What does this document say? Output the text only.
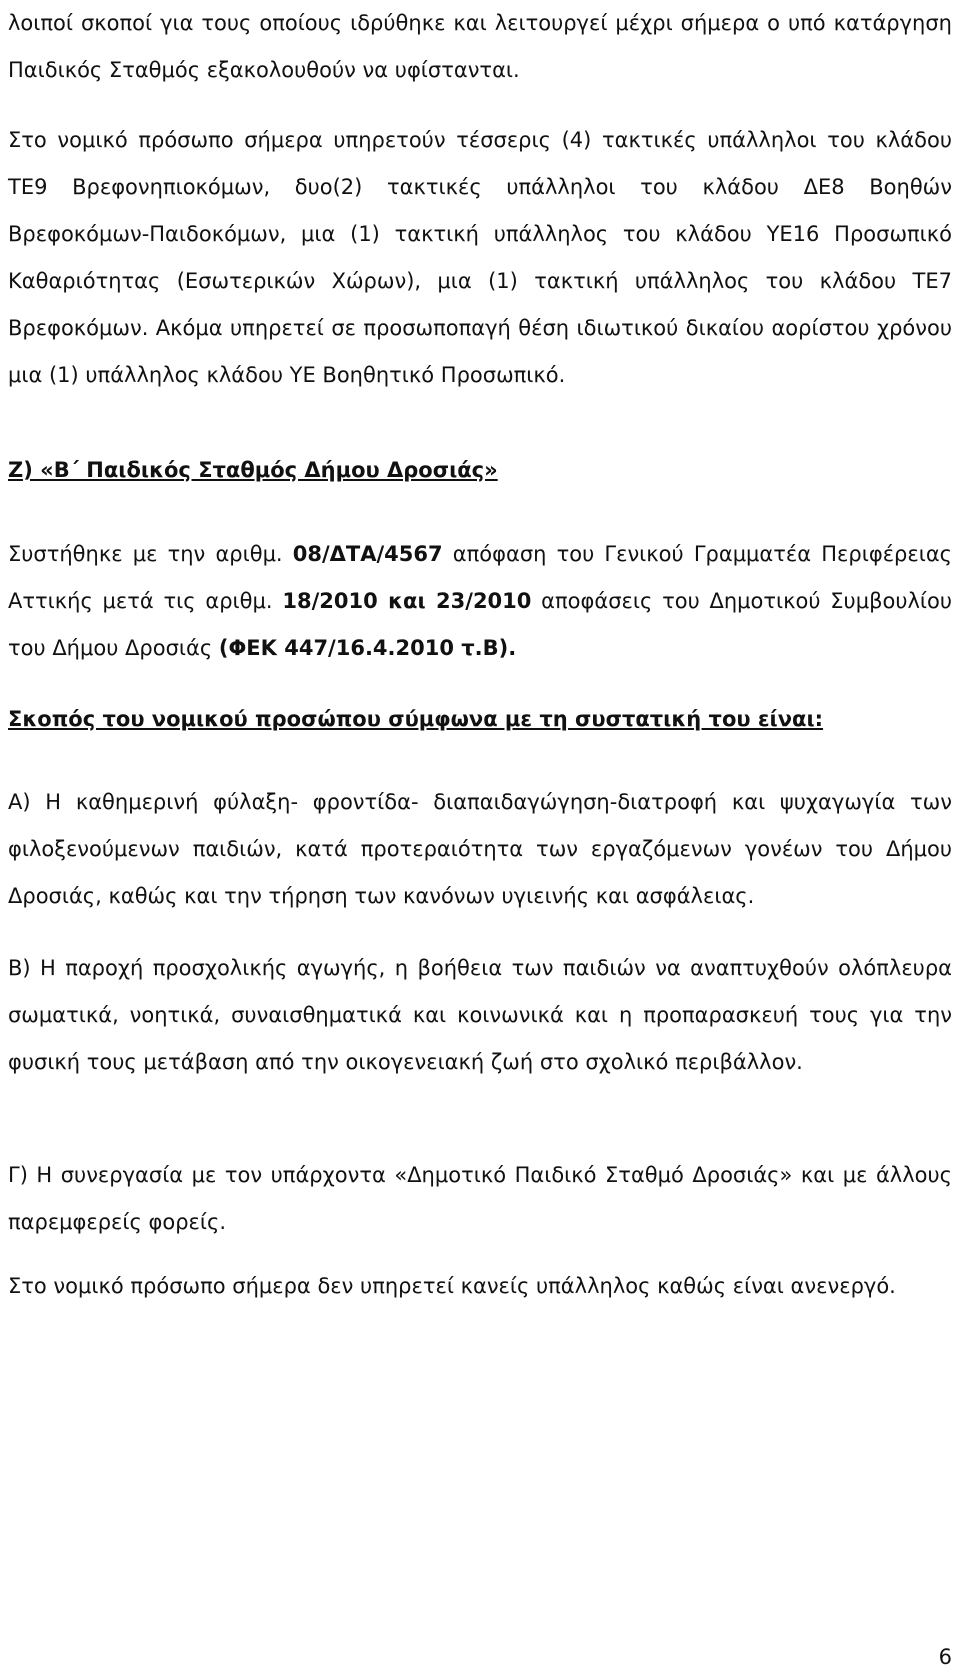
λοιποί σκοποί για τους οποίους ιδρύθηκε και λειτουργεί μέχρι σήμερα ο υπό κατάργηση Παιδικός Σταθμός εξακολουθούν να υφίστανται.

Στο νομικό πρόσωπο σήμερα υπηρετούν τέσσερις (4) τακτικές υπάλληλοι του κλάδου ΤΕ9 Βρεφονηπιοκόμων, δυο(2) τακτικές υπάλληλοι του κλάδου ΔΕ8 Βοηθών Βρεφοκόμων-Παιδοκόμων, μια (1) τακτική υπάλληλος του κλάδου ΥΕ16 Προσωπικό Καθαριότητας (Εσωτερικών Χώρων), μια (1) τακτική υπάλληλος του κλάδου ΤΕ7 Βρεφοκόμων. Ακόμα υπηρετεί σε προσωποπαγή θέση ιδιωτικού δικαίου αορίστου χρόνου μια (1) υπάλληλος κλάδου ΥΕ Βοηθητικό Προσωπικό.

Ζ) «Β΄ Παιδικός Σταθμός Δήμου Δροσιάς»

Συστήθηκε με την αριθμ. 08/ΔΤΑ/4567 απόφαση του Γενικού Γραμματέα Περιφέρειας Αττικής μετά τις αριθμ. 18/2010 και 23/2010 αποφάσεις του Δημοτικού Συμβουλίου του Δήμου Δροσιάς (ΦΕΚ 447/16.4.2010 τ.Β).

Σκοπός του νομικού προσώπου σύμφωνα με τη συστατική του είναι:

Α) Η καθημερινή φύλαξη- φροντίδα- διαπαιδαγώγηση-διατροφή και ψυχαγωγία των φιλοξενούμενων παιδιών, κατά προτεραιότητα των εργαζόμενων γονέων του Δήμου Δροσιάς, καθώς και την τήρηση των κανόνων υγιεινής και ασφάλειας.

Β) Η παροχή προσχολικής αγωγής, η βοήθεια των παιδιών να αναπτυχθούν ολόπλευρα σωματικά, νοητικά, συναισθηματικά και κοινωνικά και η προπαρασκευή τους για την φυσική τους μετάβαση από την οικογενειακή ζωή στο σχολικό περιβάλλον.

Γ) Η συνεργασία με τον υπάρχοντα «Δημοτικό Παιδικό Σταθμό Δροσιάς» και με άλλους παρεμφερείς φορείς.

Στο νομικό πρόσωπο σήμερα δεν υπηρετεί κανείς υπάλληλος καθώς είναι ανενεργό.

6
